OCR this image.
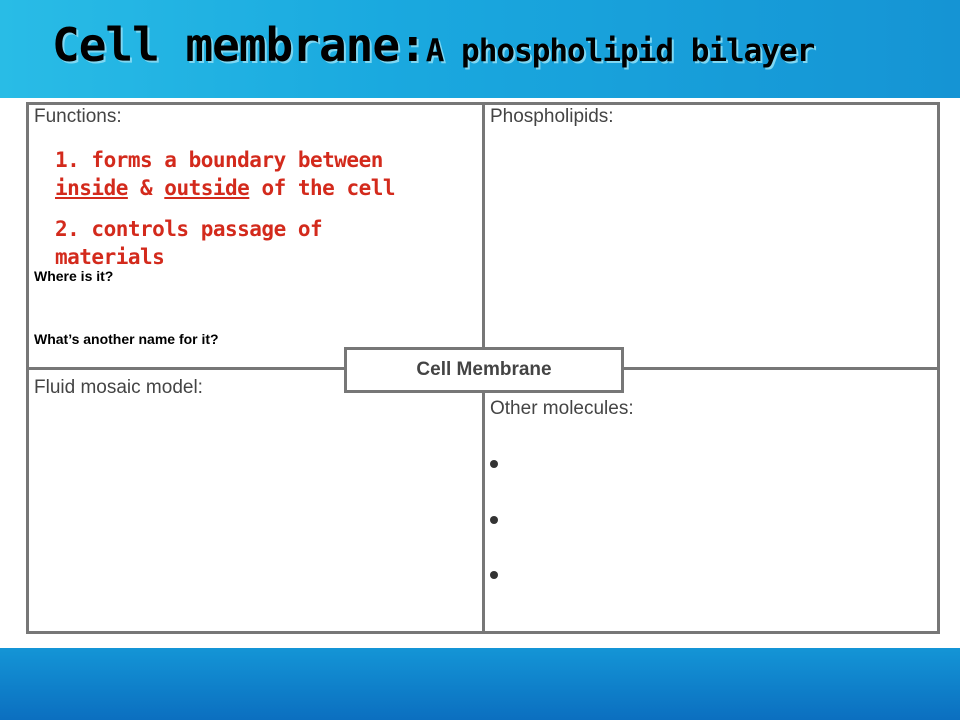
Cell membrane:A phospholipid bilayer
Functions:	Phospholipids:
Fluid mosaic model:
Other molecules:
Cell Membrane
1. forms a boundary between
inside & outside of the cell
2. controls passage of
materials
Where is it?
What’s another name for it?
